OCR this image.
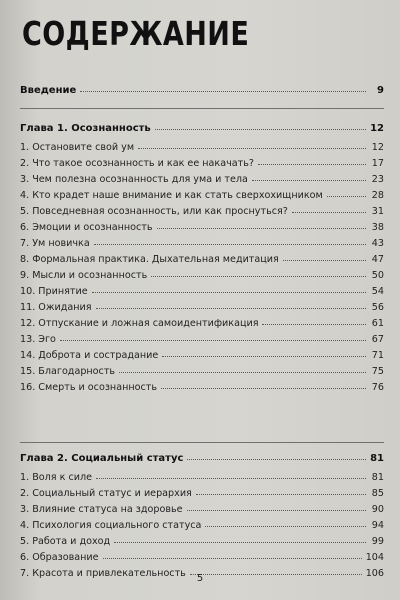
СОДЕРЖАНИЕ
Введение	9
Глава 1. Осознанность	12
1. Остановите свой ум	12
2. Что такое осознанность и как ее накачать?	17
3. Чем полезна осознанность для ума и тела	23
4. Кто крадет наше внимание и как стать сверхохищником	28
5. Повседневная осознанность, или как проснуться?	31
6. Эмоции и осознанность	38
7. Ум новичка	43
8. Формальная практика. Дыхательная медитация	47
9. Мысли и осознанность	50
10. Принятие	54
11. Ожидания	56
12. Отпускание и ложная самоидентификация	61
13. Эго	67
14. Доброта и сострадание	71
15. Благодарность	75
16. Смерть и осознанность	76
Глава 2. Социальный статус	81
1. Воля к силе	81
2. Социальный статус и иерархия	85
3. Влияние статуса на здоровье	90
4. Психология социального статуса	94
5. Работа и доход	99
6. Образование	104
7. Красота и привлекательность	106
5
